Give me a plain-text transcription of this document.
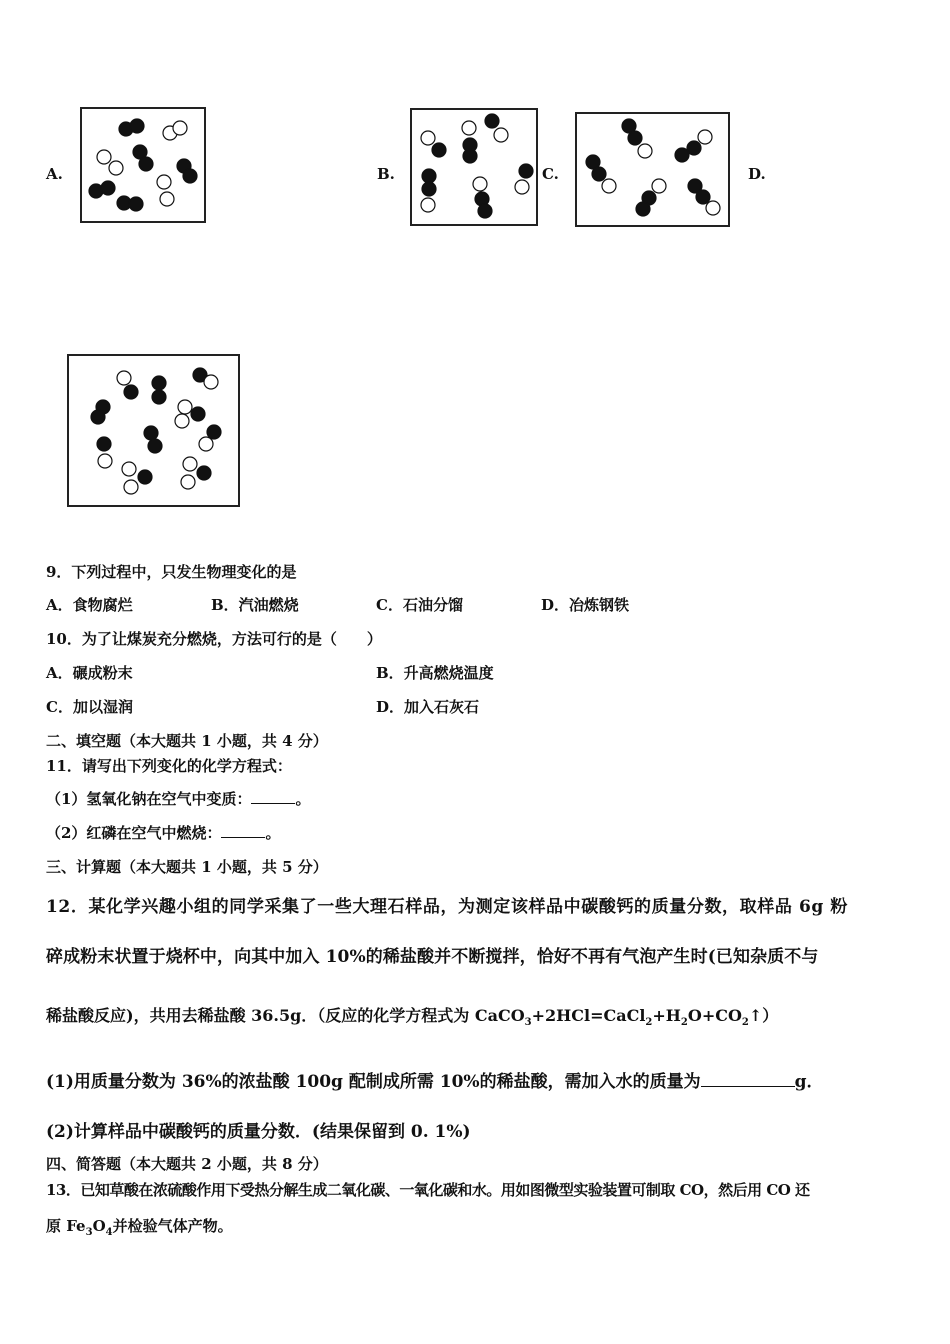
A.	B.	C.	D.
9．下列过程中，只发生物理变化的是
A．食物腐烂	B．汽油燃烧	C．石油分馏	D．冶炼钢铁
10．为了让煤炭充分燃烧，方法可行的是（　　）
A．碾成粉末	B．升高燃烧温度
C．加以湿润	D．加入石灰石
二、填空题（本大题共 1 小题，共 4 分）
11．请写出下列变化的化学方程式：
（1）氢氧化钠在空气中变质：	。
（2）红磷在空气中燃烧：	。
三、计算题（本大题共 1 小题，共 5 分）
12．某化学兴趣小组的同学采集了一些大理石样品，为测定该样品中碳酸钙的质量分数，取样品 6g 粉
碎成粉末状置于烧杯中，向其中加入 10%的稀盐酸并不断搅拌，恰好不再有气泡产生时(已知杂质不与
稀盐酸反应)，共用去稀盐酸 36.5g．（反应的化学方程式为 $CaCO_3+2HCl=CaCl_2+H_2O+CO_2↑$）
(1)用质量分数为 36%的浓盐酸 100g 配制成所需 10%的稀盐酸，需加入水的质量为	g．
(2)计算样品中碳酸钙的质量分数．(结果保留到 0. 1%)
四、简答题（本大题共 2 小题，共 8 分）
13．已知草酸在浓硫酸作用下受热分解生成二氧化碳、一氧化碳和水。用如图微型实验装置可制取 CO，然后用 CO 还
原 $Fe_3O_4$并检验气体产物。
